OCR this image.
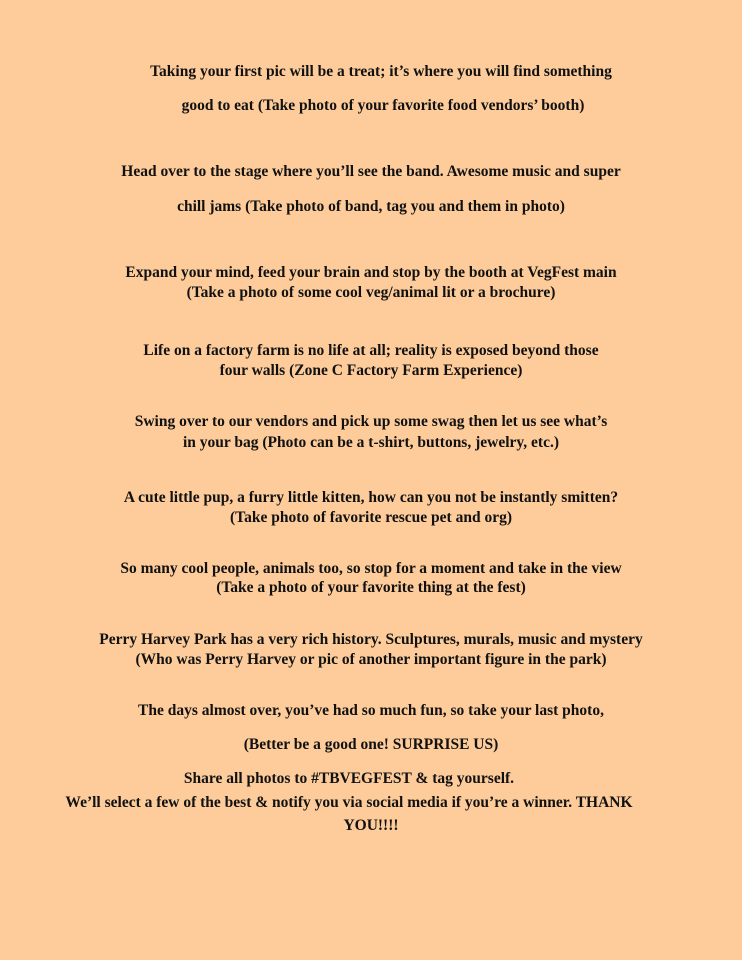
Taking your first pic will be a treat; it’s where you will find something
good to eat (Take photo of your favorite food vendors’ booth)
Head over to the stage where you’ll see the band. Awesome music and super
chill jams (Take photo of band, tag you and them in photo)
Expand your mind, feed your brain and stop by the booth at VegFest main
(Take a photo of some cool veg/animal lit or a brochure)
Life on a factory farm is no life at all; reality is exposed beyond those
four walls (Zone C Factory Farm Experience)
Swing over to our vendors and pick up some swag then let us see what’s
in your bag (Photo can be a t-shirt, buttons, jewelry, etc.)
A cute little pup, a furry little kitten, how can you not be instantly smitten?
(Take photo of favorite rescue pet and org)
So many cool people, animals too, so stop for a moment and take in the view
(Take a photo of your favorite thing at the fest)
Perry Harvey Park has a very rich history. Sculptures, murals, music and mystery
(Who was Perry Harvey or pic of another important figure in the park)
The days almost over, you’ve had so much fun, so take your last photo,
(Better be a good one! SURPRISE US)
Share all photos to #TBVEGFEST & tag yourself.
We’ll select a few of the best & notify you via social media if you’re a winner. THANK
YOU!!!!
